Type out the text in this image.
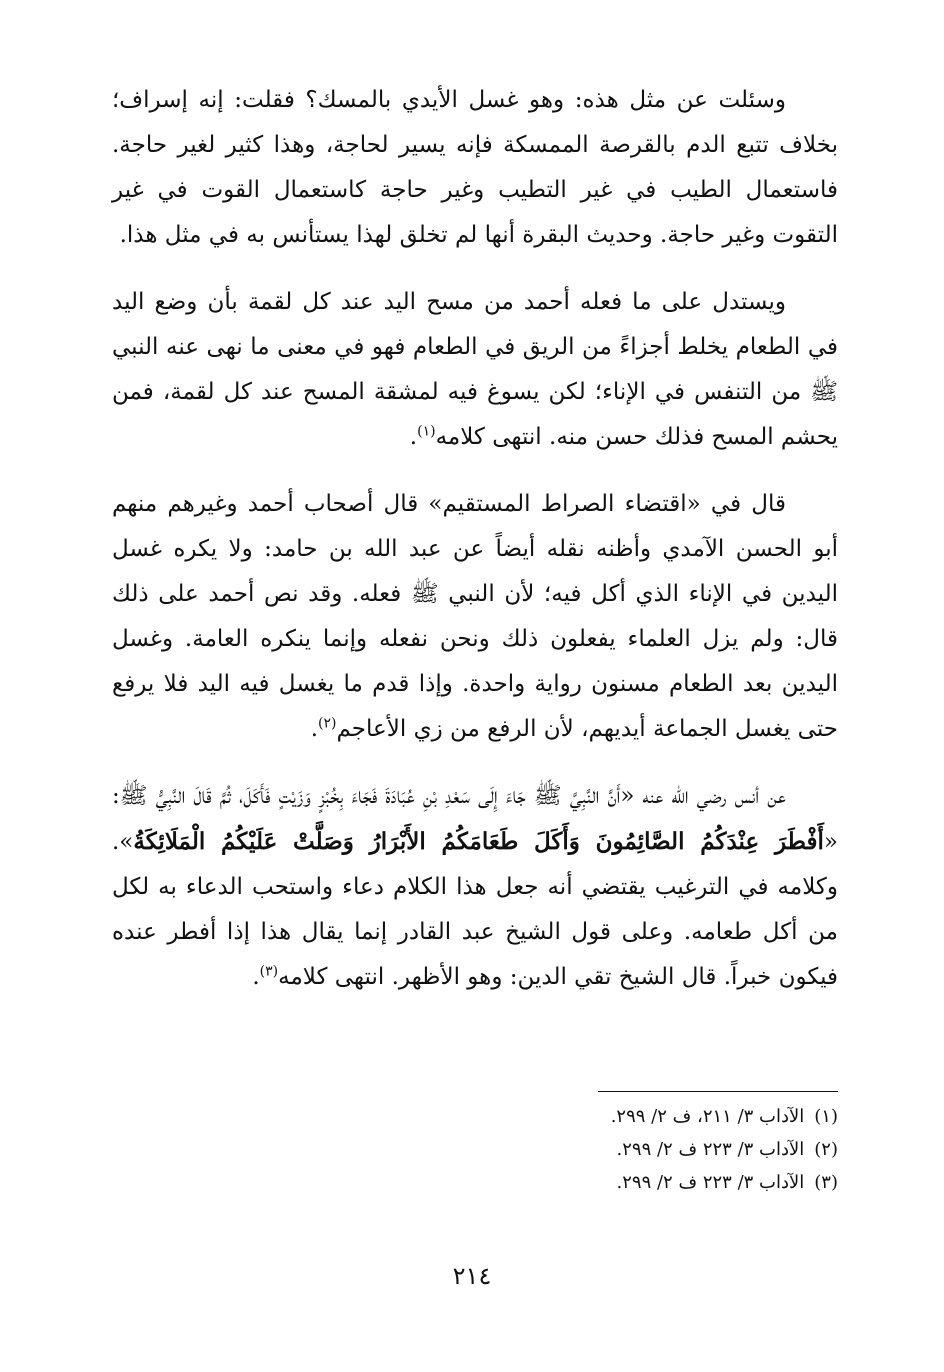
وسئلت عن مثل هذه: وهو غسل الأيدي بالمسك؟ فقلت: إنه إسراف؛ بخلاف تتبع الدم بالقرصة الممسكة فإنه يسير لحاجة، وهذا كثير لغير حاجة. فاستعمال الطيب في غير التطيب وغير حاجة كاستعمال القوت في غير التقوت وغير حاجة. وحديث البقرة أنها لم تخلق لهذا يستأنس به في مثل هذا.

ويستدل على ما فعله أحمد من مسح اليد عند كل لقمة بأن وضع اليد في الطعام يخلط أجزاءً من الريق في الطعام فهو في معنى ما نهى عنه النبي ﷺ من التنفس في الإناء؛ لكن يسوغ فيه لمشقة المسح عند كل لقمة، فمن يحشم المسح فذلك حسن منه. انتهى كلامه$^{(١)}$.

قال في «اقتضاء الصراط المستقيم» قال أصحاب أحمد وغيرهم منهم أبو الحسن الآمدي وأظنه نقله أيضاً عن عبد الله بن حامد: ولا يكره غسل اليدين في الإناء الذي أكل فيه؛ لأن النبي ﷺ فعله. وقد نص أحمد على ذلك قال: ولم يزل العلماء يفعلون ذلك ونحن نفعله وإنما ينكره العامة. وغسل اليدين بعد الطعام مسنون رواية واحدة. وإذا قدم ما يغسل فيه اليد فلا يرفع حتى يغسل الجماعة أيديهم، لأن الرفع من زي الأعاجم$^{(٢)}$.

عن أنس رضي الله عنه «أَنَّ النَّبِيَّ ﷺ جَاءَ إِلَى سَعْدِ بْنِ عُبَادَةَ فَجَاءَ بِخُبْزٍ وَزَيْتٍ فَأَكَلَ، ثُمَّ قَالَ النَّبِيُّ ﷺ: «أَفْطَرَ عِنْدَكُمُ الصَّائِمُونَ وَأَكَلَ طَعَامَكُمُ الأَبْرَارُ وَصَلَّتْ عَلَيْكُمُ الْمَلَائِكَةُ». وكلامه في الترغيب يقتضي أنه جعل هذا الكلام دعاء واستحب الدعاء به لكل من أكل طعامه. وعلى قول الشيخ عبد القادر إنما يقال هذا إذا أفطر عنده فيكون خبراً. قال الشيخ تقي الدين: وهو الأظهر. انتهى كلامه$^{(٣)}$.

(١)
الآداب ٣/ ٢١١، ف ٢/ ٢٩٩.
(٢)
الآداب ٣/ ٢٢٣ ف ٢/ ٢٩٩.
(٣)
الآداب ٣/ ٢٢٣ ف ٢/ ٢٩٩.
٢١٤
